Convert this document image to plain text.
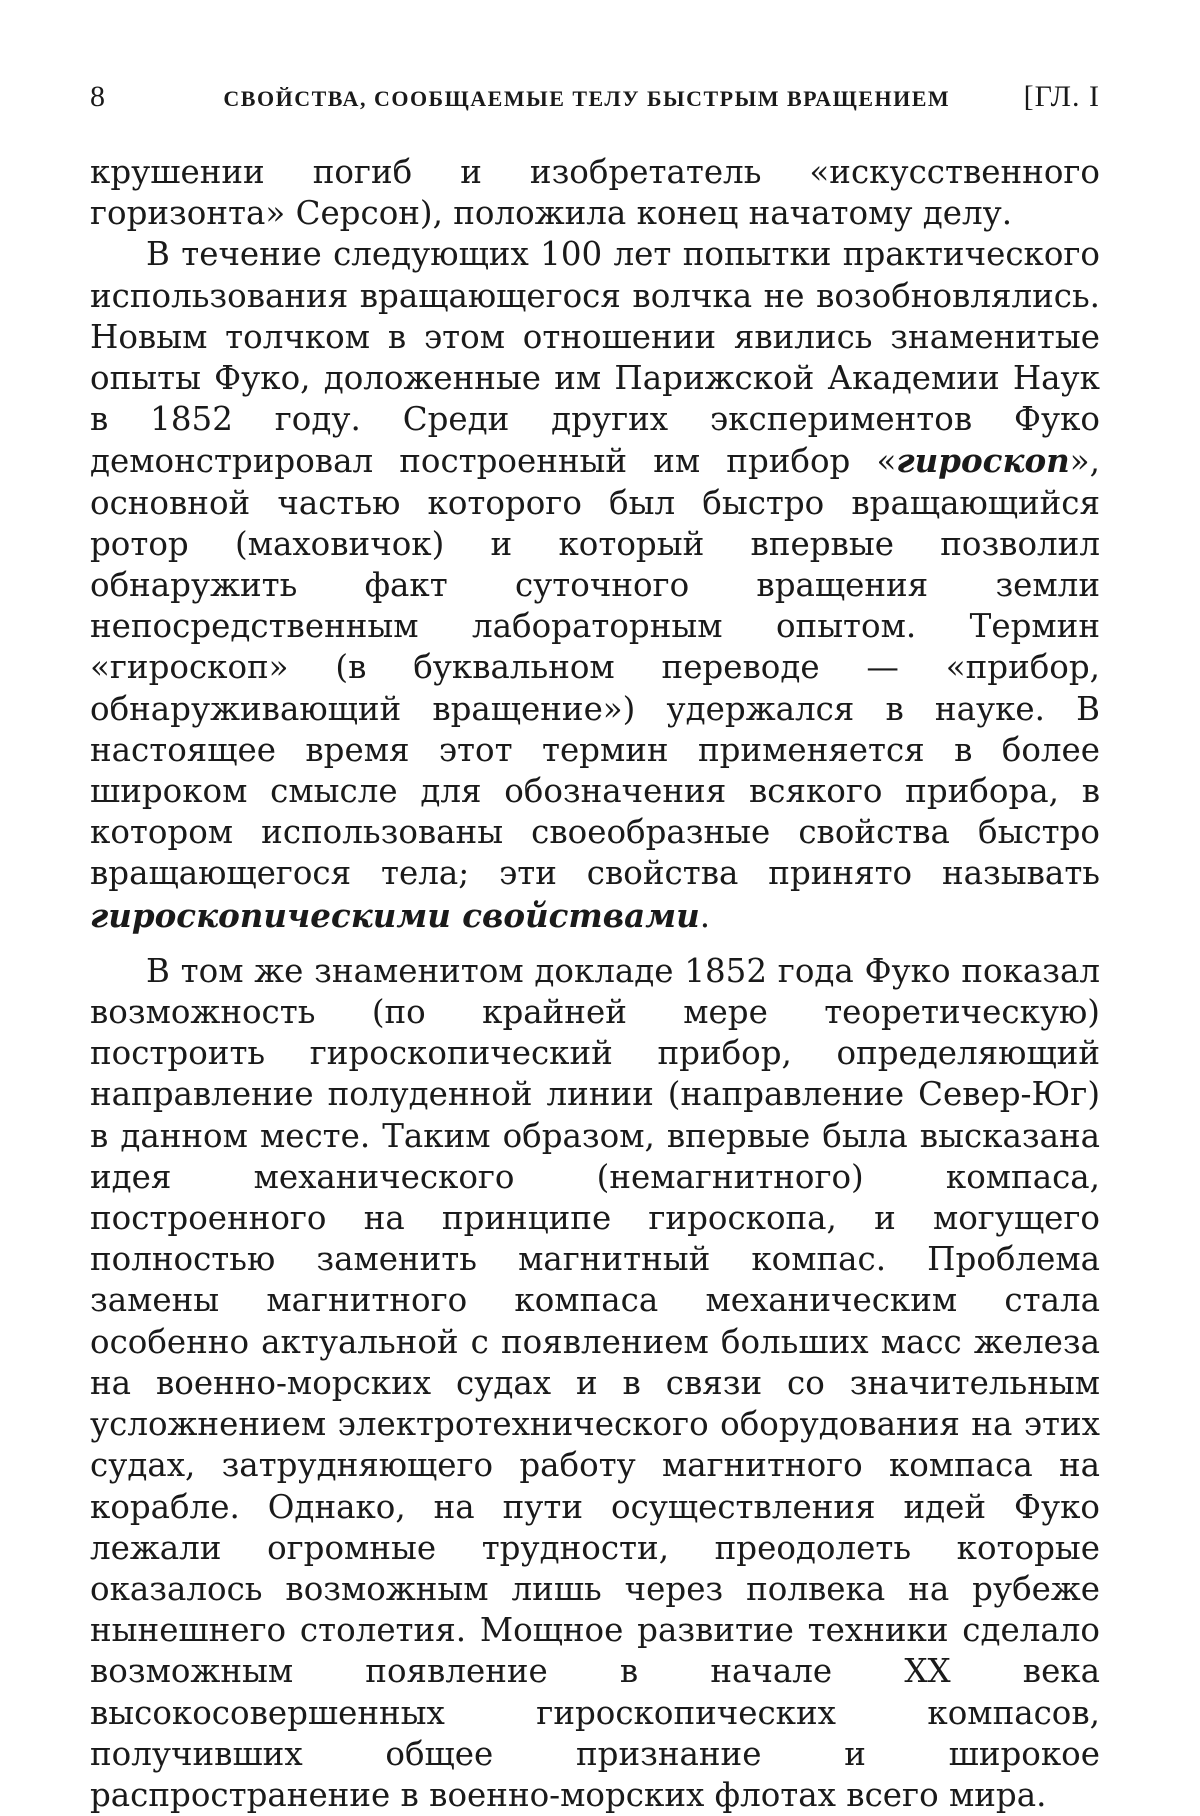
8	СВОЙСТВА, СООБЩАЕМЫЕ ТЕЛУ БЫСТРЫМ ВРАЩЕНИЕМ	[ГЛ. I

крушении погиб и изобретатель «искусственного горизонта» Серсон), положила конец начатому делу.

В течение следующих 100 лет попытки практического использования вращающегося волчка не возобновлялись. Новым толчком в этом отношении явились знаменитые опыты Фуко, доложенные им Парижской Академии Наук в 1852 году. Среди других экспериментов Фуко демонстрировал построенный им прибор «гироскоп», основной частью которого был быстро вращающийся ротор (маховичок) и который впервые позволил обнаружить факт суточного вращения земли непосредственным лабораторным опытом. Термин «гироскоп» (в буквальном переводе — «прибор, обнаруживающий вращение») удержался в науке. В настоящее время этот термин применяется в более широком смысле для обозначения всякого прибора, в котором использованы своеобразные свойства быстро вращающегося тела; эти свойства принято называть гироскопическими свойствами.

В том же знаменитом докладе 1852 года Фуко показал возможность (по крайней мере теоретическую) построить гироскопический прибор, определяющий направление полуденной линии (направление Север-Юг) в данном месте. Таким образом, впервые была высказана идея механического (немагнитного) компаса, построенного на принципе гироскопа, и могущего полностью заменить магнитный компас. Проблема замены магнитного компаса механическим стала особенно актуальной с появлением больших масс железа на военно-морских судах и в связи со значительным усложнением электротехнического оборудования на этих судах, затрудняющего работу магнитного компаса на корабле. Однако, на пути осуществления идей Фуко лежали огромные трудности, преодолеть которые оказалось возможным лишь через полвека на рубеже нынешнего столетия. Мощное развитие техники сделало возможным появление в начале XX века высокосовершенных гироскопических компасов, получивших общее признание и широкое распространение в военно-морских флотах всего мира.
